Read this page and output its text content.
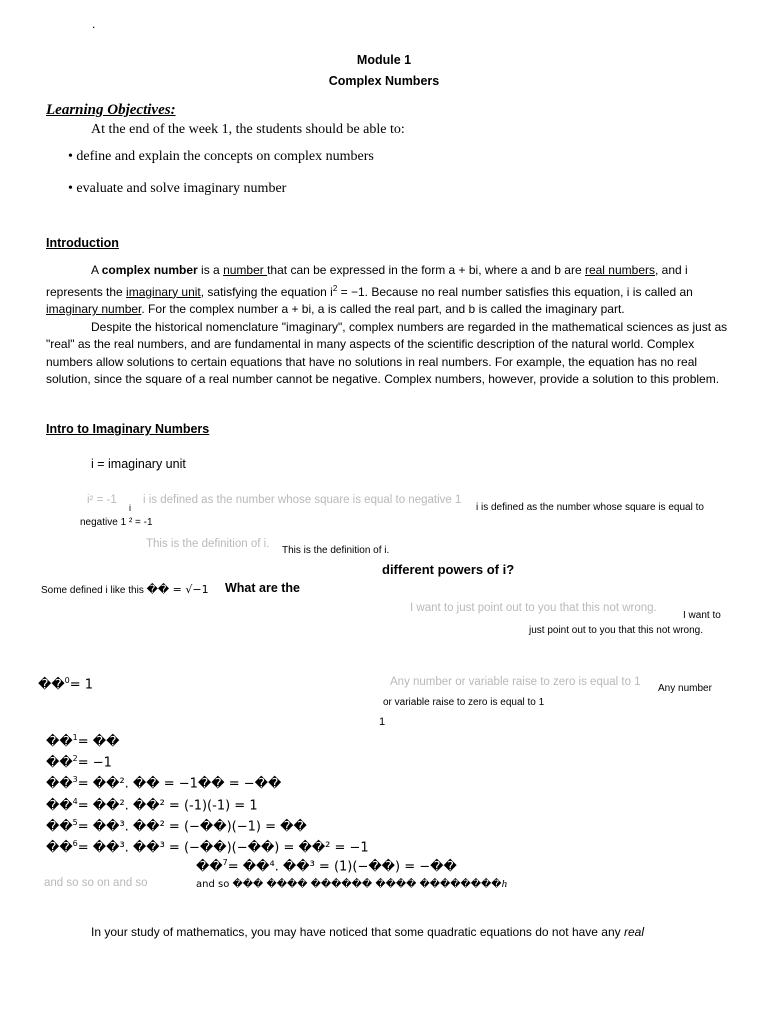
.
Module 1
Complex Numbers
Learning Objectives:
At the end of the week 1, the students should be able to:
• define and explain the concepts on complex numbers
• evaluate and solve imaginary number
Introduction

A complex number is a number that can be expressed in the form a + bi, where a and b are real numbers, and i represents the imaginary unit, satisfying the equation $i^2 = -1$. Because no real number satisfies this equation, i is called an imaginary number. For the complex number a + bi, a is called the real part, and b is called the imaginary part.

Despite the historical nomenclature "imaginary", complex numbers are regarded in the mathematical sciences as just as "real" as the real numbers, and are fundamental in many aspects of the scientific description of the natural world. Complex numbers allow solutions to certain equations that have no solutions in real numbers. For example, the equation has no real solution, since the square of a real number cannot be negative. Complex numbers, however, provide a solution to this problem.

Intro to Imaginary Numbers
i = imaginary unit
i² = -1 i is defined as the number whose square is equal to negative 1
i	i is defined as the number whose square is equal to
negative 1 ² = -1
This is the definition of i.
This is the definition of i.
different powers of i?
Some defined i like this �� = √−1 What are the
I want to just point out to you that this not wrong.
I want to
just point out to you that this not wrong.
��$^0$= 1	Any number or variable raise to zero is equal to 1
Any number
or variable raise to zero is equal to 1
1
��$^1$= ��
��$^2$= −1
��$^3$= ��². �� = −1�� = −��
��$^4$= ��². ��² = (-1)(-1) = 1
��$^5$= ��³. ��² = (−��)(−1) = ��
��$^6$= ��³. ��³ = (−��)(−��) = ��² = −1
��$^7$= ��⁴. ��³ = (1)(−��) = −��
and so so on and so	and so ��� ���� ������ ���� ��������h
In your study of mathematics, you may have noticed that some quadratic equations do not have any real
